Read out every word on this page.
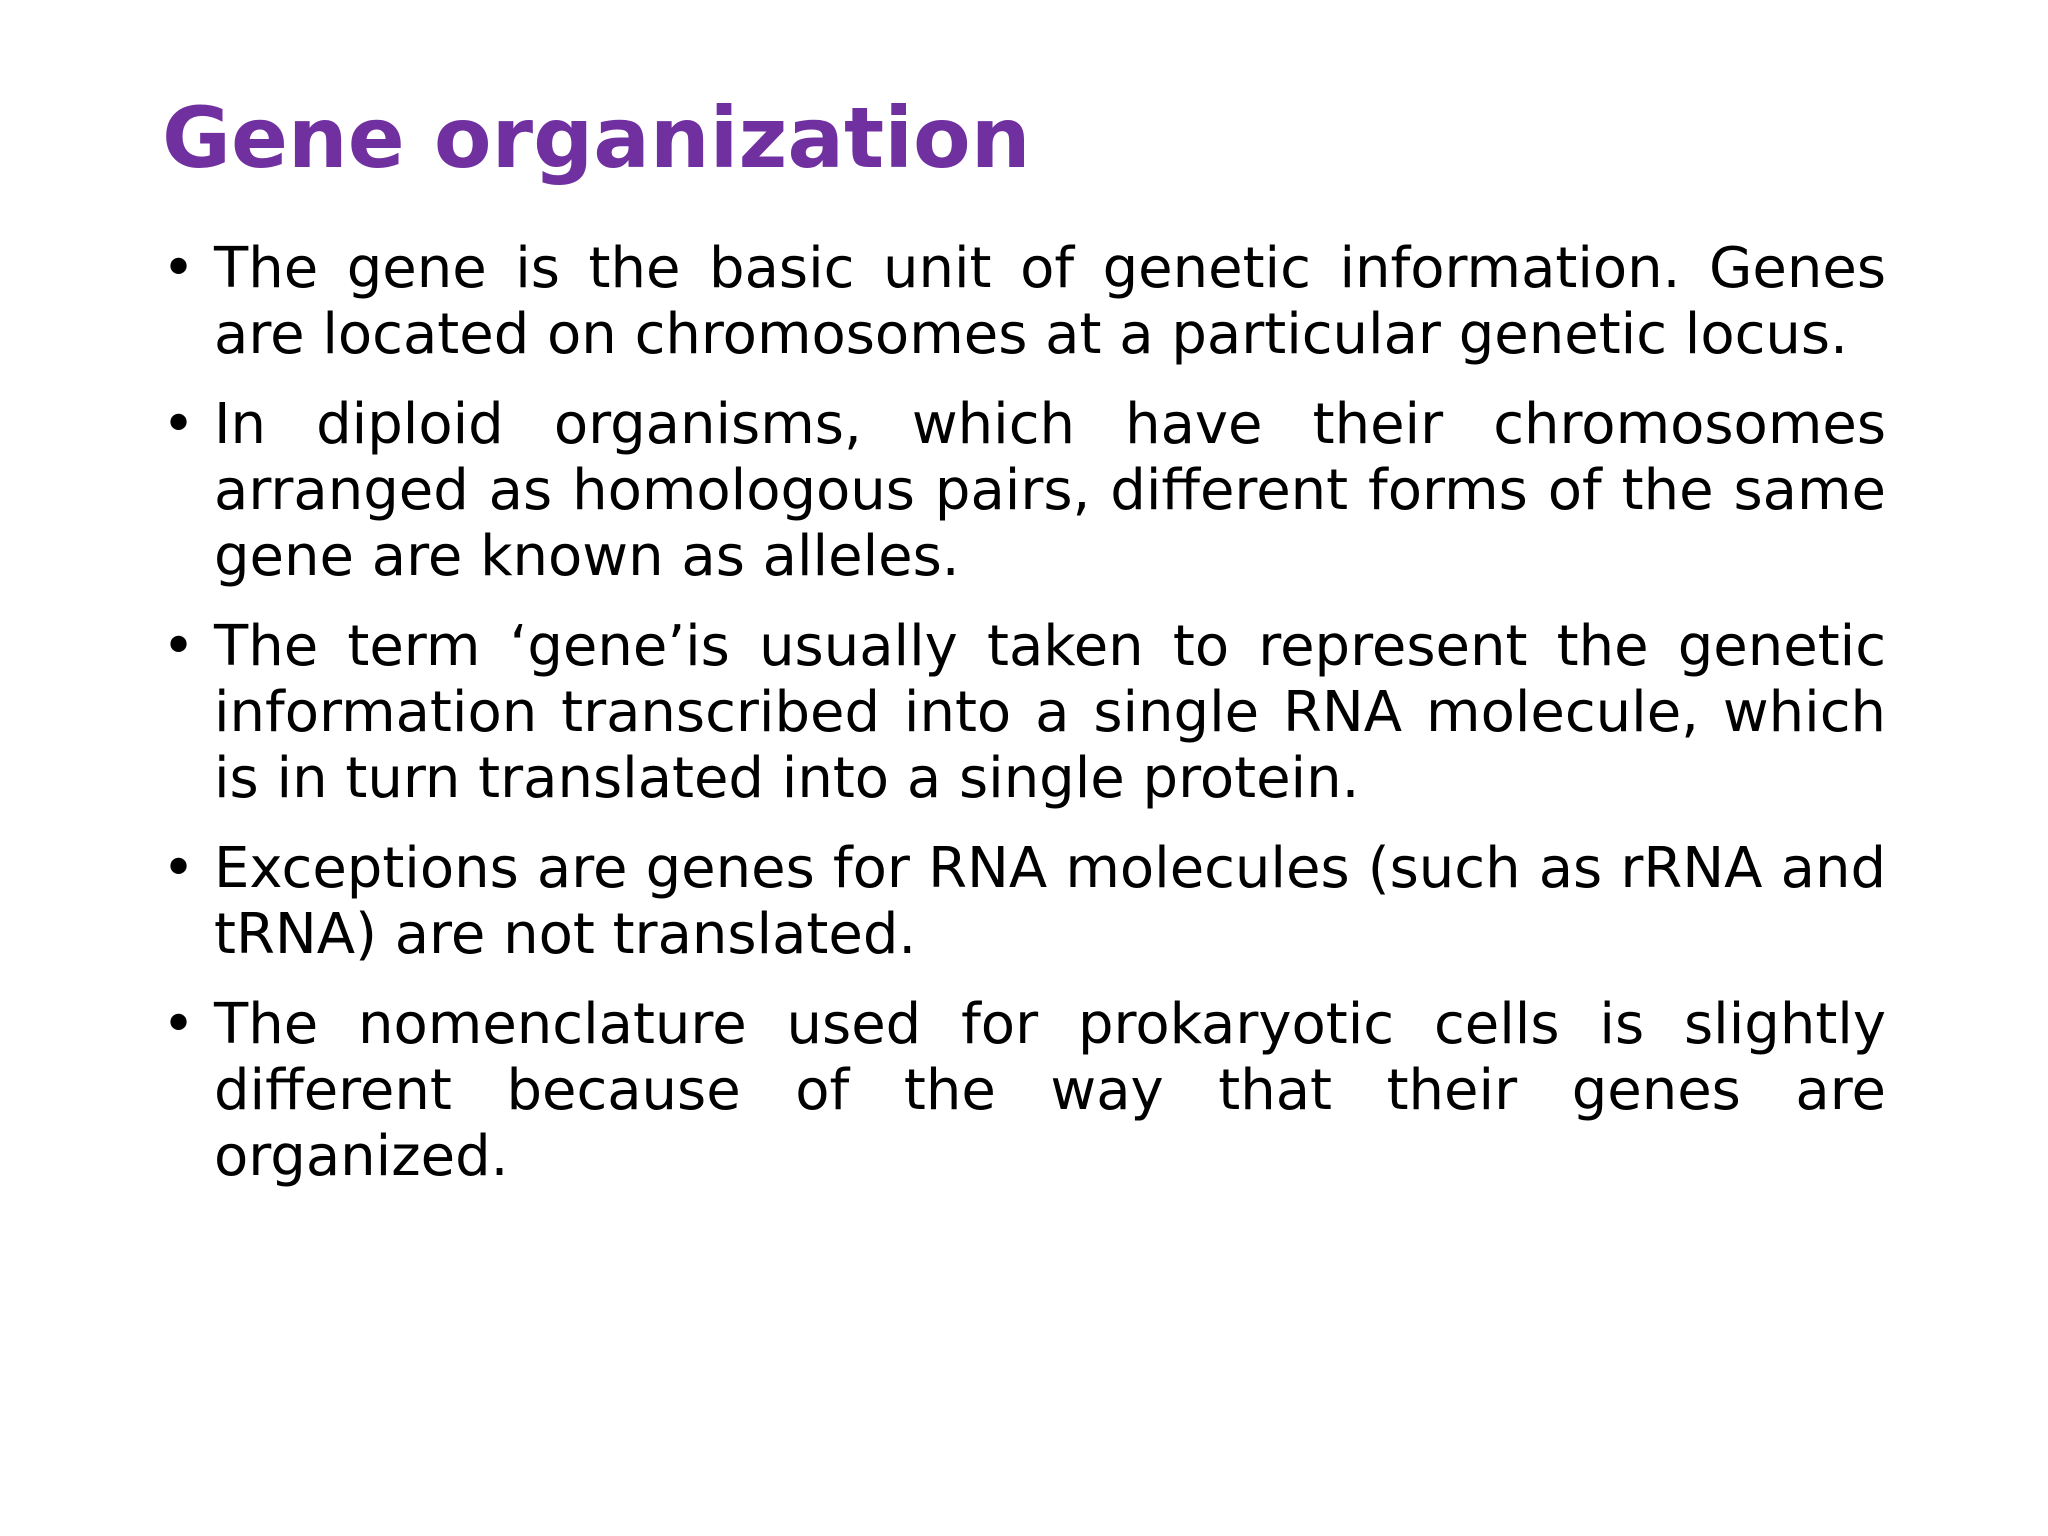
Gene organization
• The gene is the basic unit of genetic information. Genes are located on chromosomes at a particular genetic locus.
• In diploid organisms, which have their chromosomes arranged as homologous pairs, different forms of the same gene are known as alleles.
• The term ‘gene’is usually taken to represent the genetic information transcribed into a single RNA molecule, which is in turn translated into a single protein.
• Exceptions are genes for RNA molecules (such as rRNA and tRNA) are not translated.
• The nomenclature used for prokaryotic cells is slightly different because of the way that their genes are organized.
